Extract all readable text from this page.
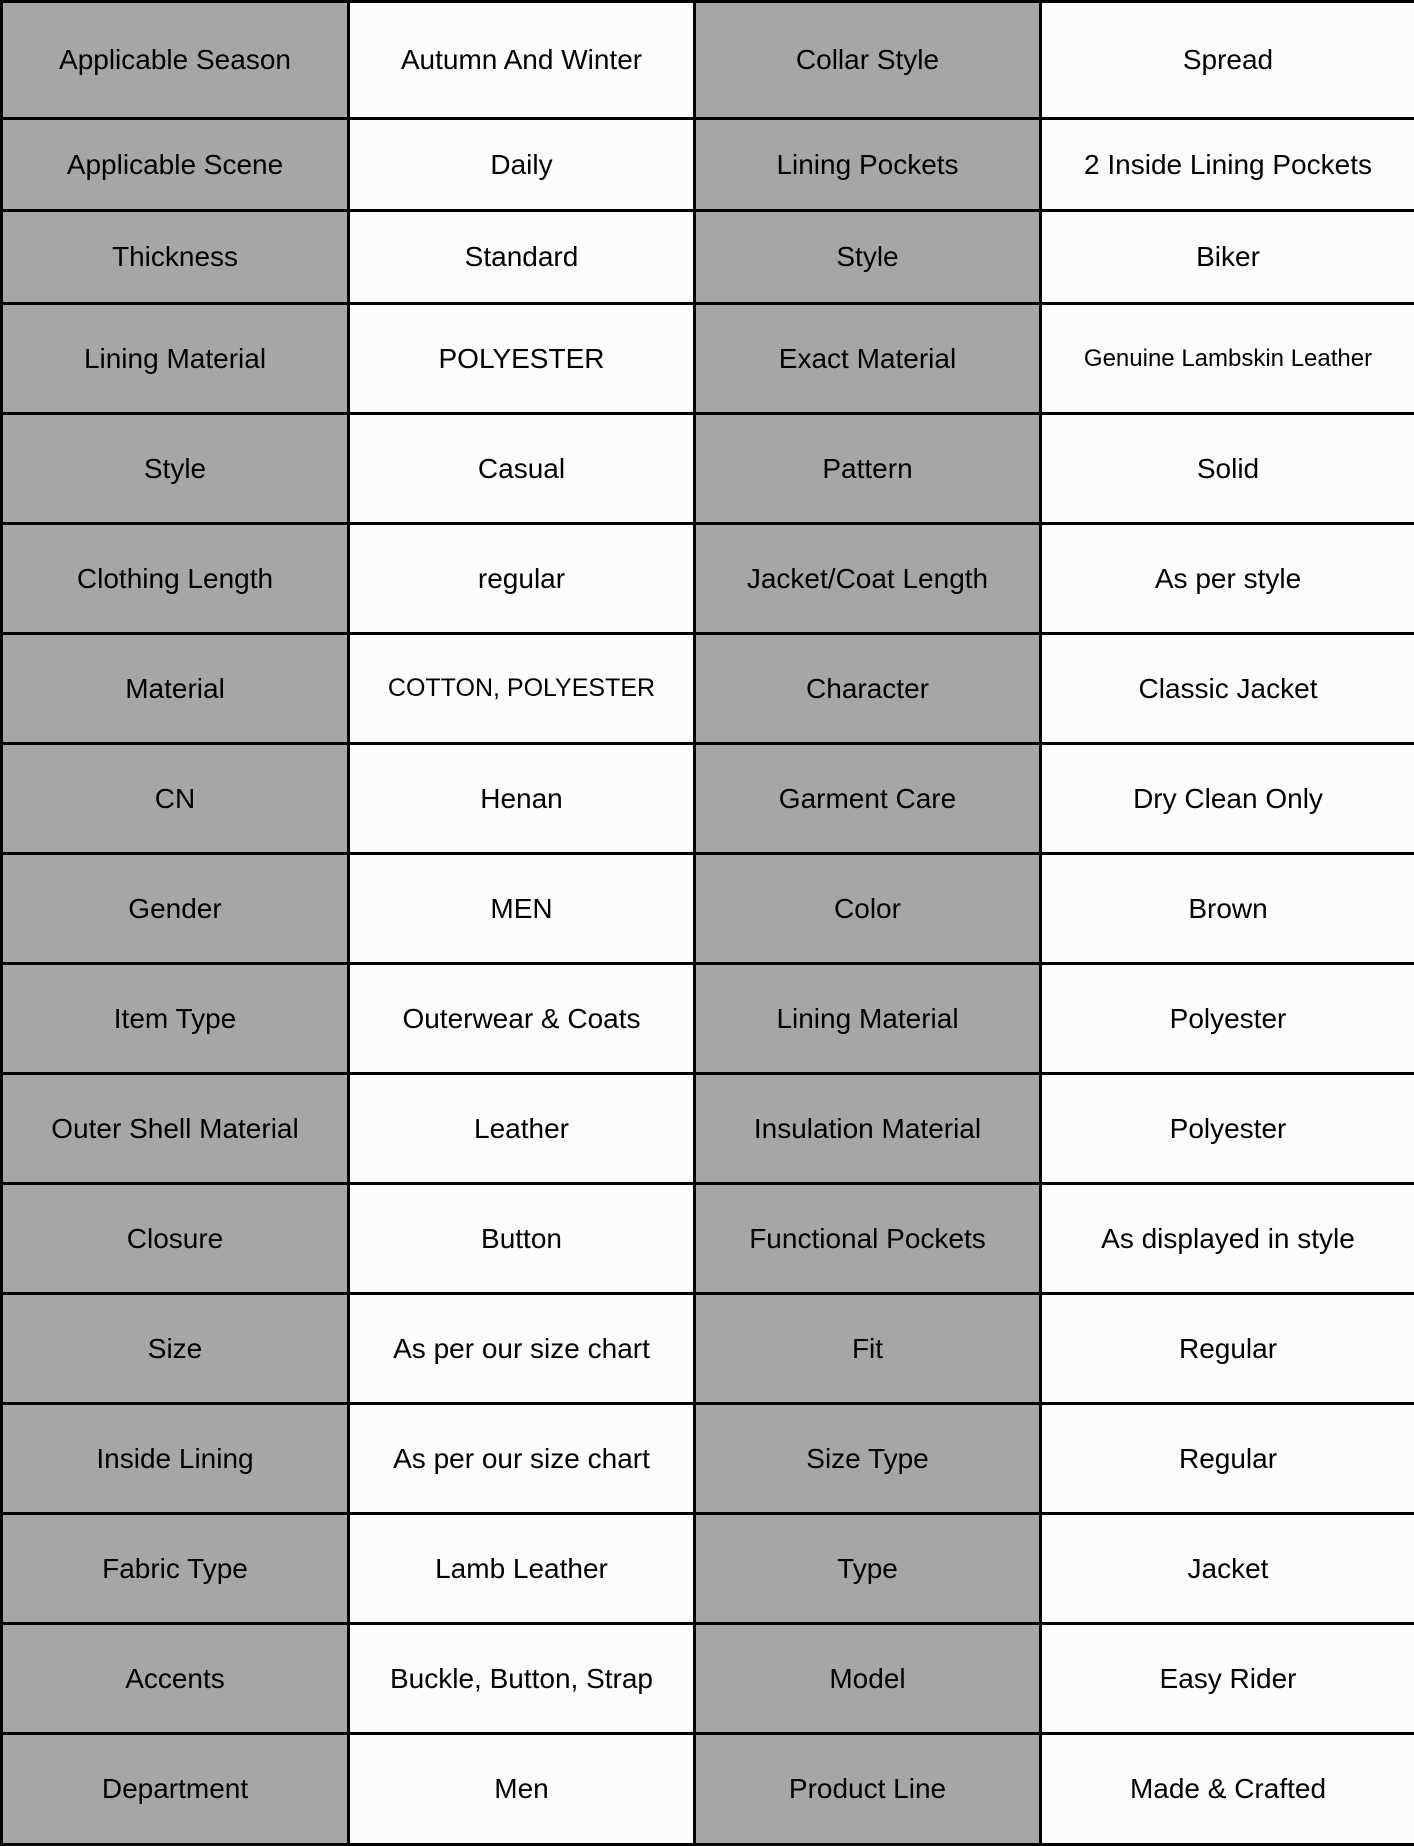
Applicable Season	Autumn And Winter	Collar Style	Spread
Applicable Scene	Daily	Lining Pockets	2 Inside Lining Pockets
Thickness	Standard	Style	Biker
Lining Material	POLYESTER	Exact Material	Genuine Lambskin Leather
Style	Casual	Pattern	Solid
Clothing Length	regular	Jacket/Coat Length	As per style
Material	COTTON, POLYESTER	Character	Classic Jacket
CN	Henan	Garment Care	Dry Clean Only
Gender	MEN	Color	Brown
Item Type	Outerwear & Coats	Lining Material	Polyester
Outer Shell Material	Leather	Insulation Material	Polyester
Closure	Button	Functional Pockets	As displayed in style
Size	As per our size chart	Fit	Regular
Inside Lining	As per our size chart	Size Type	Regular
Fabric Type	Lamb Leather	Type	Jacket
Accents	Buckle, Button, Strap	Model	Easy Rider
Department	Men	Product Line	Made & Crafted
